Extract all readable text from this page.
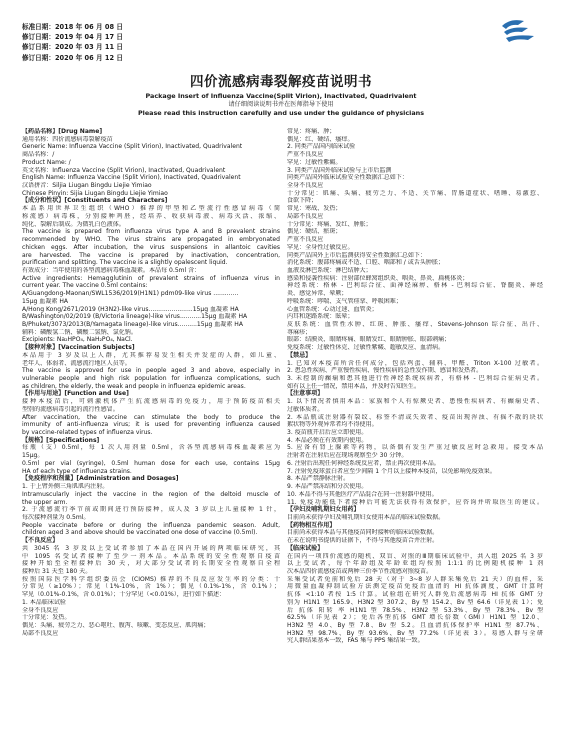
标准日期：2018 年 06 月 08 日
修订日期：2019 年 04 月 17 日
修订日期：2020 年 03 月 11 日
修订日期：2020 年 06 月 12 日
四价流感病毒裂解疫苗说明书
Package Insert of Influenza Vaccine(Split Virion), Inactivated, Quadrivalent
请仔细阅读说明书并在医师指导下使用
Please read this instruction carefully and use under the guidance of physicians
【药品名称】[Drug Name]
通用名称：四价流感病毒裂解疫苗
Generic Name: Influenza Vaccine (Split Virion), Inactivated, Quadrivalent
商品名称：/
Product Name: /
英文名称：Influenza Vaccine (Split Virion), Inactivated, Quadrivalent
English Name: Influenza Vaccine (Split Virion), Inactivated, Quadrivalent
汉语拼音：Siljia Liugan Bingdu Liejie Yimiao
Chinese Pinyin: Sijia Liugan Bingdu Liejie Yimiao
【成分和性状】[Constituents and Characters]
本品系用世界卫生组织（WHO）推荐的甲型和乙型流行性感冒病毒（简
称流感）病毒株，分别接种鸡胚，经培养、收获病毒液、病毒灭活、浓缩、
纯化、裂解后制成。为微乳白色液体。
The vaccine is prepared from influenza virus type A and B prevalent strains
recommended by WHO. The virus strains are propagated in embryonated
chicken eggs. After incubation, the virus suspensions in allantoic cavities
are harvested. The vaccine is prepared by inactivation, concentration,
purification and splitting. The vaccine is a slightly opalescent liquid.
有效成分：当年使用的各型流感病毒株血凝素。本品每 0.5ml 含：
Active ingredients: Hemagglutinin of prevalent strains of influenza virus in
current year. The vaccine 0.5ml contains:
A/Guangdong-Maonan/SWL1536/2019(H1N1) pdm09-like virus .............
15μg 血凝素 HA
A/Hong Kong/2671/2019 (H3N2)-like virus.......................15μg 血凝素 HA
B/Washington/02/2019 (B/Victoria lineage)-like virus...........15μg 血凝素 HA
B/Phuket/3073/2013(B/Yamagata lineage)-like virus..........15μg 血凝素 HA
辅料：磷酸氢二钠、磷酸二氢钠、氯化钠。
Excipients: Na₂HPO₄, NaH₂PO₄, NaCl.
【接种对象】[Vaccination Subjects]
本品用于 3 岁及以上人群，尤其推荐易发生相关并发症的人群，如儿童、
老年人、体弱者、流感流行地区人员等。
The vaccine is approved for use in people aged 3 and above, especially in
vulnerable people and high risk population for influenza complications, such
as children, the elderly, the weak and people in influenza epidemic areas.
【作用与用途】[Function and Use]
接种本疫苗后，可刺激机体产生抗流感病毒的免疫力，用于预防疫苗相关
型别的流感病毒引起的流行性感冒。
After vaccination, the vaccine can stimulate the body to produce the
immunity of anti-influenza virus; it is used for preventing influenza caused
by vaccine-related types of influenza virus.
【规格】[Specifications]
每瓶（支）0.5ml，每 1 次人用剂量 0.5ml，含各型流感病毒株血凝素应为
15μg。
0.5ml per vial (syringe), 0.5ml human dose for each use, contains 15μg
HA of each type of influenza strains.
【免疫程序和剂量】[Administration and Dosages]
1. 于上臂外侧三角肌肌内注射。
Intramuscularly inject the vaccine in the region of the deltoid muscle of
the upper arm.
2. 于流感流行季节前或期间进行预防接种，成人及 3 岁以上儿童接种 1 针，
每次接种剂量为 0.5ml。
People vaccinate before or during the influenza pandemic season. Adult,
children aged 3 and above should be vaccinated one dose of vaccine (0.5ml).
【不良反应】
共 3045 名 3 岁及以上受试者参加了本品在国内开展的两项临床研究，其
中 1095 名受试者接种了至少一剂本品。本品系统的安全性观察自疫苗
接种开始至全程接种后 30 天，对大部分受试者的长期安全性观察自全程
接种后 31 天至 180 天。
按照国际医学科学组织委员会 (CIOMS) 推荐的不良反应发生率的分类：十
分常见（≥10%）；常见（1%-10%，含 1%）；偶见（0.1%-1%，含 0.1%）；
罕见（0.01%-0.1%，含 0.01%）；十分罕见（<0.01%），进行如下描述：
1. 本品临床试验
全身不良反应
十分常见：发热。
偶见：头痛、疲劳乏力、恶心呕吐、腹泻、咳嗽、变态反应、肌肉痛；
局部不良反应
常见：疼痛、肿；
偶见：红、硬结、瘙痒。
2. 同类产品国内临床试验
严重不良反应
罕见：过敏性紫癜。
3. 同类产品国外临床试验与上市后监测
同类产品国外临床试验安全性数据汇总如下：
全身不良反应
十分常见：肌痛、头痛、疲劳乏力、不适、关节痛、胃肠道症状、嗜睡、易激惹、
食欲下降；
常见：寒战、发热；
局部不良反应
十分常见：疼痛、发红、肿胀；
偶见：硬结、瘀斑；
严重不良反应
罕见：全身性过敏反应。
同类产品国外上市后监测获得安全性数据汇总如下：
消化系统：腹部疼痛或不适、口腔、咽部和 / 或舌头肿胀；
血液及淋巴系统：淋巴结肿大；
感染和侵袭性疾病：注射部位蜂窝组织炎、咽炎、鼻炎、扁桃体炎；
神经系统：格林 - 巴利综合征、面神经麻痹、格林 - 巴利综合征、脊髓炎、神经
炎、感觉异常、晕厥；
呼吸系统：哮喘、支气管痉挛、呼吸困难；
心血管系统：心动过速、血管炎；
内耳和迷路系统：眩晕；
皮肤系统：血管性水肿、红斑、肿胀、瘙痒、Stevens-Johnson 综合征、出汗、
荨麻疹；
眼部：结膜炎、眼睛疼痛、眼睛发红、眼睛肿胀、眼部刺痛；
免疫系统：过敏性休克、过敏性紫癜、超敏反应、血清病。
【禁忌】
1. 已知对本疫苗所含任何成分，包括鸡蛋、辅料、甲醛、Triton X-100 过敏者。
2. 患急性疾病、严重慢性疾病、慢性疾病的急性发作期、感冒和发热者。
3. 未控制的癫痫和患其他进行性神经系统疾病者，有格林 - 巴利综合征病史者。
如有以上任一情况，禁用本品，并及时告知医生。
【注意事项】
1. 以下情况者慎用本品：家族和个人有惊厥史者、患慢性疾病者、有癫痫史者、
过敏体质者。
2. 本品瓶或注射器有裂纹、标签不清或失效者、疫苗出现浑浊、有摇不散的块状
絮状物等外观异常者均不得使用。
3. 疫苗瓶开启后应立即使用。
4. 本品必须在有效期内使用。
5. 应备有肾上腺素等药物，以备偶有发生严重过敏反应时急救用。接受本品
注射者在注射后应在现场观察至少 30 分钟。
6. 注射后出现任何神经系统反应者，禁止再次使用本品。
7. 注射免疫球蛋白者应至少间隔 1 个月以上接种本疫苗，以免影响免疫效果。
8. 本品严禁静脉注射。
9. 本品严禁冻结和分次使用。
10. 本品不得与其他医疗产品混合在同一注射器中使用。
11. 免疫功能低下者接种后可能无法获得有效保护，应咨询并听取医生的建议。
【孕妇及哺乳期妇女用药】
目前尚未获得孕妇及哺乳期妇女使用本品的临床试验数据。
【药物相互作用】
目前尚未获得本品与其他疫苗同时接种的临床试验数据。
在未在说明书提供的证据下，不得与其他疫苗合并注射。
【临床试验】
在国内一项四价流感的随机、双盲、对照的Ⅲ期临床试验中，共入组 2025 名 3 岁
以上受试者，每个年龄组及年龄亚组均按照 1:1:1 的比例随机接种 1 剂
次本品四价流感疫苗或两种三价季节性流感对照疫苗。
采集受试者免前和免后 28 天（对于 3~8 岁人群采集免后 21 天）的血样，采
用微量血凝抑制试验方法测定疫苗免疫后血清的 HI 抗体滴度，GMT 计算时
抗体 <1:10 者按 1:5 计算。试验组在研究人群免后流感病毒 HI 抗体 GMT 分
别为 H1N1 型 165.9、H3N2 型 307.2、By 型 154.2、Bv 型 64.6（详见表 1）；免
后 抗体 阳转 率 H1N1 型 78.5%、H3N2 型 53.3%、By 型 78.3%、Bv 型
62.5%（详见表 2）；免后各型抗体 GMT 增长倍数（GMI）H1N1 型 12.0、
H3N2 型 4.0、By 型 7.8、Bv 型 5.2。且血清抗体保护率 H1N1 型 87.7%、
H3N2 型 98.7%、By 型 93.6%、Bv 型 77.2%（详见表 3）。易感人群与全研
究人群结果基本一致，FAS 集与 PPS 集结果一致。
